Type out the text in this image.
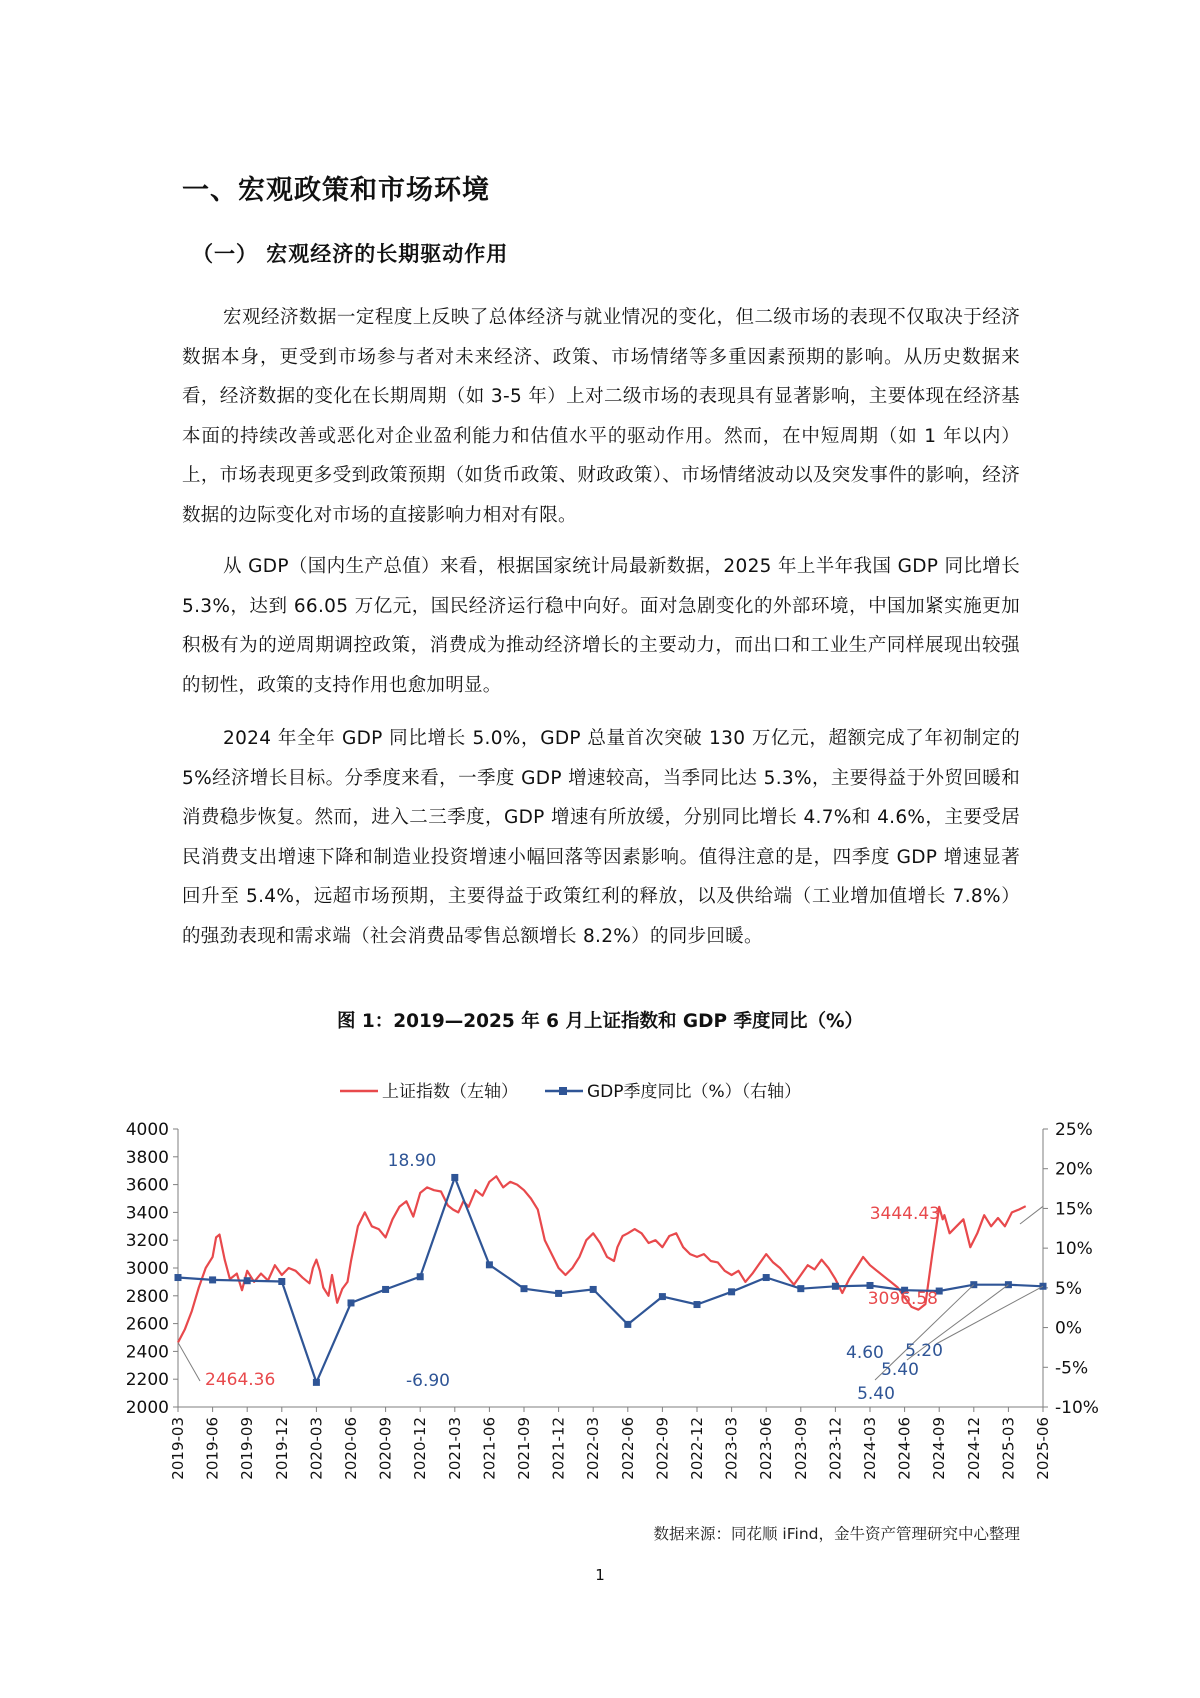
一、宏观政策和市场环境
（一） 宏观经济的长期驱动作用

宏观经济数据一定程度上反映了总体经济与就业情况的变化，但二级市场的表现不仅取决于经济数据本身，更受到市场参与者对未来经济、政策、市场情绪等多重因素预期的影响。从历史数据来看，经济数据的变化在长期周期（如 3-5 年）上对二级市场的表现具有显著影响，主要体现在经济基本面的持续改善或恶化对企业盈利能力和估值水平的驱动作用。然而，在中短周期（如 1 年以内）上，市场表现更多受到政策预期（如货币政策、财政政策）、市场情绪波动以及突发事件的影响，经济数据的边际变化对市场的直接影响力相对有限。

从 GDP（国内生产总值）来看，根据国家统计局最新数据，2025 年上半年我国 GDP 同比增长 5.3%，达到 66.05 万亿元，国民经济运行稳中向好。面对急剧变化的外部环境，中国加紧实施更加积极有为的逆周期调控政策，消费成为推动经济增长的主要动力，而出口和工业生产同样展现出较强的韧性，政策的支持作用也愈加明显。

2024 年全年 GDP 同比增长 5.0%，GDP 总量首次突破 130 万亿元，超额完成了年初制定的 5%经济增长目标。分季度来看，一季度 GDP 增速较高，当季同比达 5.3%，主要得益于外贸回暖和消费稳步恢复。然而，进入二三季度，GDP 增速有所放缓，分别同比增长 4.7%和 4.6%，主要受居民消费支出增速下降和制造业投资增速小幅回落等因素影响。值得注意的是，四季度 GDP 增速显著回升至 5.4%，远超市场预期，主要得益于政策红利的释放，以及供给端（工业增加值增长 7.8%）的强劲表现和需求端（社会消费品零售总额增长 8.2%）的同步回暖。

图 1：2019—2025 年 6 月上证指数和 GDP 季度同比（%）
上证指数（左轴）	GDP季度同比（%）（右轴）
4000
3800
3600
3400
3200
3000
2800
2600
2400
2200
2000
25%
20%
15%
10%
5%
0%
-5%
-10%
2019-03 2019-06 2019-09 2019-12 2020-03 2020-06 2020-09 2020-12 2021-03 2021-06 2021-09 2021-12 2022-03 2022-06 2022-09 2022-12 2023-03 2023-06 2023-09 2023-12 2024-03 2024-06 2024-09 2024-12 2025-03 2025-06
2464.36	-6.90
18.90
3444.43
3096.58
4.60
5.40
5.40
5.20
数据来源：同花顺 iFind，金牛资产管理研究中心整理
1
